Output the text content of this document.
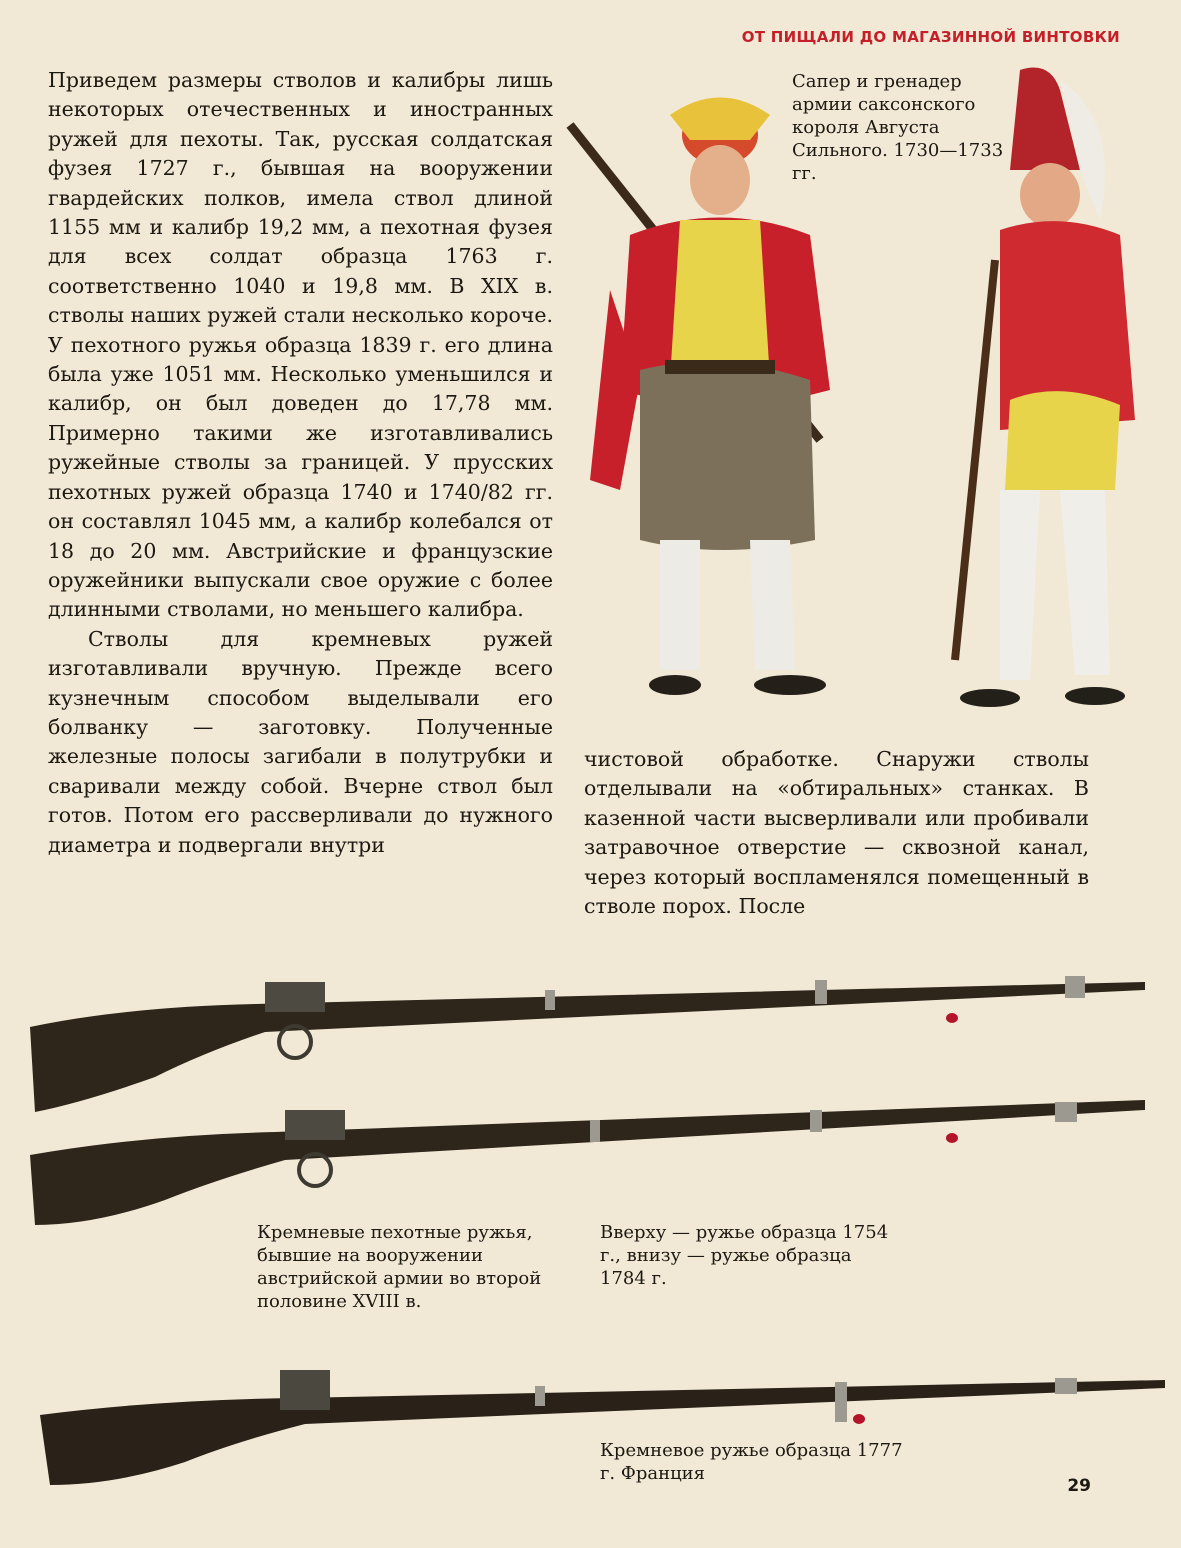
ОТ ПИЩАЛИ ДО МАГАЗИННОЙ ВИНТОВКИ

Приведем размеры стволов и калибры лишь некоторых отечественных и иностранных ружей для пехоты. Так, русская солдатская фузея 1727 г., бывшая на вооружении гвардейских полков, имела ствол длиной 1155 мм и калибр 19,2 мм, а пехотная фузея для всех солдат образца 1763 г. соответственно 1040 и 19,8 мм. В XIX в. стволы наших ружей стали несколько короче. У пехотного ружья образца 1839 г. его длина была уже 1051 мм. Несколько уменьшился и калибр, он был доведен до 17,78 мм. Примерно такими же изготавливались ружейные стволы за границей. У прусских пехотных ружей образца 1740 и 1740/82 гг. он составлял 1045 мм, а калибр колебался от 18 до 20 мм. Австрийские и французские оружейники выпускали свое оружие с более длинными стволами, но меньшего калибра.

Стволы для кремневых ружей изготавливали вручную. Прежде всего кузнечным способом выделывали его болванку — заготовку. Полученные железные полосы загибали в полутрубки и сваривали между собой. Вчерне ствол был готов. Потом его рассверливали до нужного диаметра и подвергали внутри

чистовой обработке. Снаружи стволы отделывали на «обтиральных» станках. В казенной части высверливали или пробивали затравочное отверстие — сквозной канал, через который воспламенялся помещенный в стволе порох. После

Сапер и гренадер армии саксонского короля Августа Сильного. 1730—1733 гг.
Кремневые пехотные ружья, бывшие на вооружении австрийской армии во второй половине XVIII в.
Вверху — ружье образца 1754 г., внизу — ружье образца 1784 г.
Кремневое ружье образца 1777 г. Франция
29
